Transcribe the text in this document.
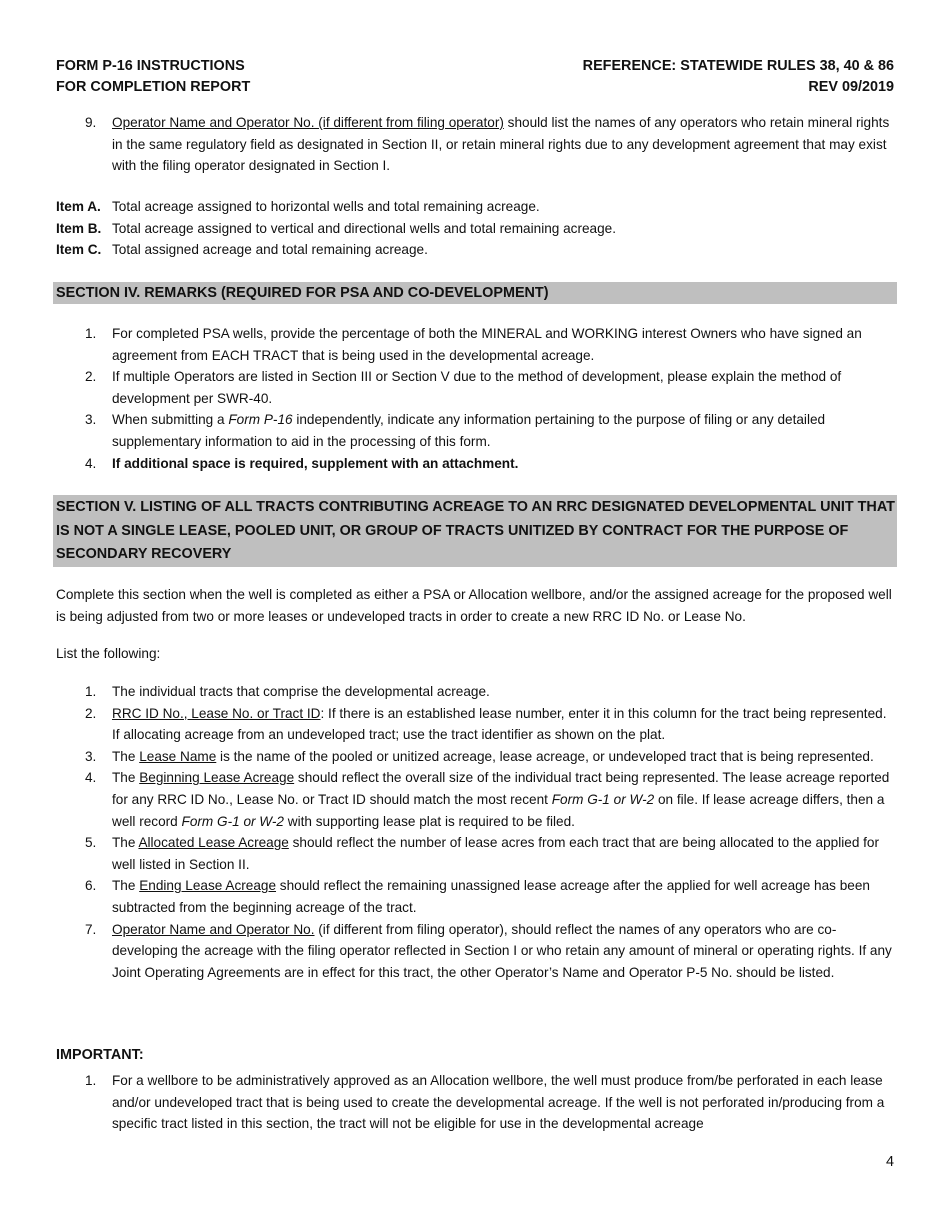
FORM P-16 INSTRUCTIONS
FOR COMPLETION REPORT
REFERENCE: STATEWIDE RULES 38, 40 & 86
REV 09/2019
9. Operator Name and Operator No. (if different from filing operator) should list the names of any operators who retain mineral rights in the same regulatory field as designated in Section II, or retain mineral rights due to any development agreement that may exist with the filing operator designated in Section I.
Item A. Total acreage assigned to horizontal wells and total remaining acreage.
Item B. Total acreage assigned to vertical and directional wells and total remaining acreage.
Item C. Total assigned acreage and total remaining acreage.
SECTION IV. REMARKS (REQUIRED FOR PSA AND CO-DEVELOPMENT)
1. For completed PSA wells, provide the percentage of both the MINERAL and WORKING interest Owners who have signed an agreement from EACH TRACT that is being used in the developmental acreage.
2. If multiple Operators are listed in Section III or Section V due to the method of development, please explain the method of development per SWR-40.
3. When submitting a Form P-16 independently, indicate any information pertaining to the purpose of filing or any detailed supplementary information to aid in the processing of this form.
4. If additional space is required, supplement with an attachment.
SECTION V. LISTING OF ALL TRACTS CONTRIBUTING ACREAGE TO AN RRC DESIGNATED DEVELOPMENTAL UNIT THAT IS NOT A SINGLE LEASE, POOLED UNIT, OR GROUP OF TRACTS UNITIZED BY CONTRACT FOR THE PURPOSE OF SECONDARY RECOVERY
Complete this section when the well is completed as either a PSA or Allocation wellbore, and/or the assigned acreage for the proposed well is being adjusted from two or more leases or undeveloped tracts in order to create a new RRC ID No. or Lease No.
List the following:
1. The individual tracts that comprise the developmental acreage.
2. RRC ID No., Lease No. or Tract ID: If there is an established lease number, enter it in this column for the tract being represented. If allocating acreage from an undeveloped tract; use the tract identifier as shown on the plat.
3. The Lease Name is the name of the pooled or unitized acreage, lease acreage, or undeveloped tract that is being represented.
4. The Beginning Lease Acreage should reflect the overall size of the individual tract being represented. The lease acreage reported for any RRC ID No., Lease No. or Tract ID should match the most recent Form G-1 or W-2 on file. If lease acreage differs, then a well record Form G-1 or W-2 with supporting lease plat is required to be filed.
5. The Allocated Lease Acreage should reflect the number of lease acres from each tract that are being allocated to the applied for well listed in Section II.
6. The Ending Lease Acreage should reflect the remaining unassigned lease acreage after the applied for well acreage has been subtracted from the beginning acreage of the tract.
7. Operator Name and Operator No. (if different from filing operator), should reflect the names of any operators who are co-developing the acreage with the filing operator reflected in Section I or who retain any amount of mineral or operating rights. If any Joint Operating Agreements are in effect for this tract, the other Operator’s Name and Operator P-5 No. should be listed.
IMPORTANT:
1. For a wellbore to be administratively approved as an Allocation wellbore, the well must produce from/be perforated in each lease and/or undeveloped tract that is being used to create the developmental acreage. If the well is not perforated in/producing from a specific tract listed in this section, the tract will not be eligible for use in the developmental acreage
4
